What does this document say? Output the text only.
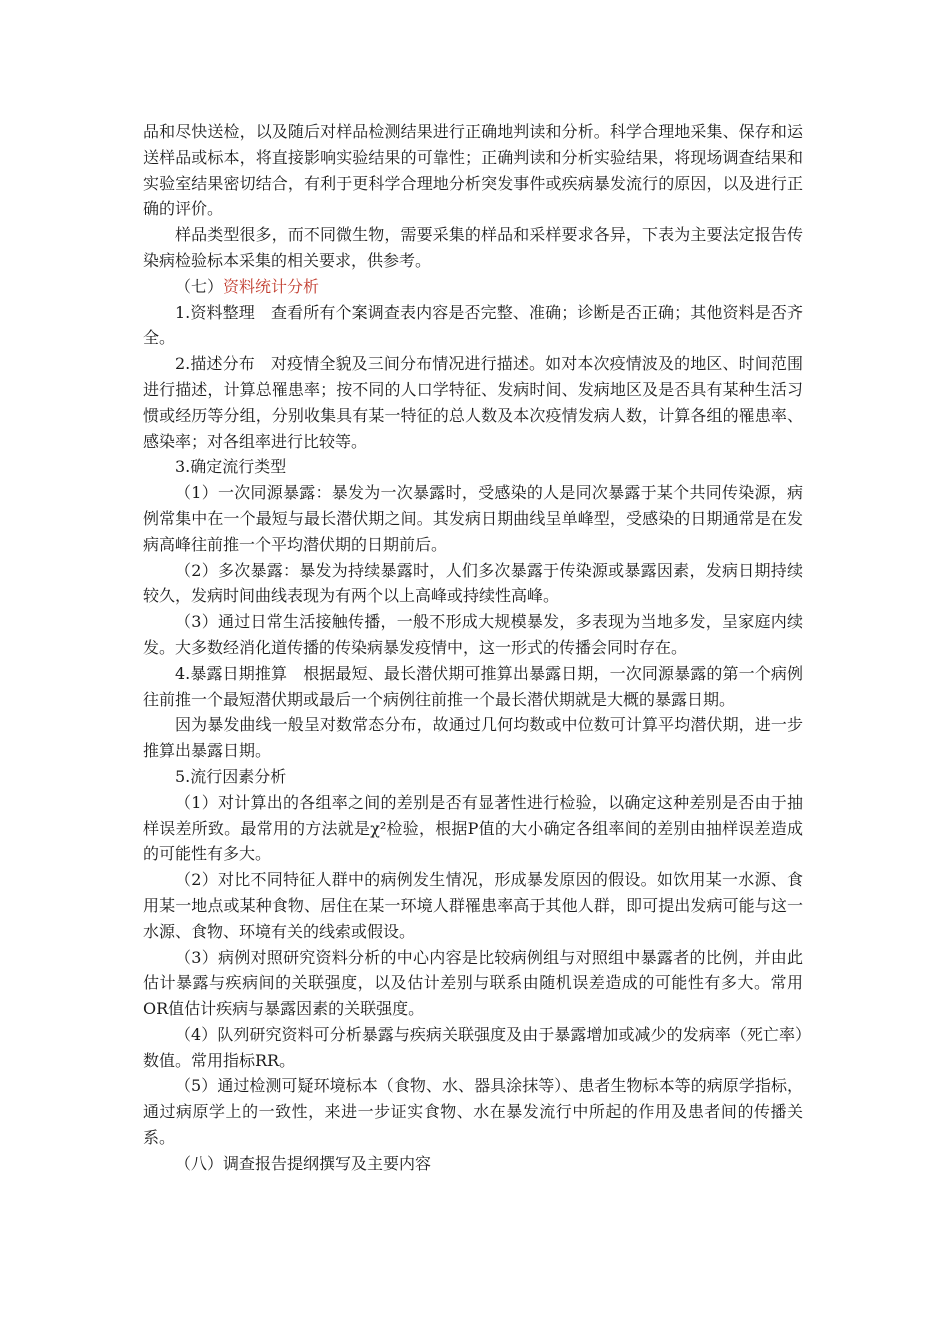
品和尽快送检，以及随后对样品检测结果进行正确地判读和分析。科学合理地采集、保存和运送样品或标本，将直接影响实验结果的可靠性；正确判读和分析实验结果，将现场调查结果和实验室结果密切结合，有利于更科学合理地分析突发事件或疾病暴发流行的原因，以及进行正确的评价。

样品类型很多，而不同微生物，需要采集的样品和采样要求各异，下表为主要法定报告传染病检验标本采集的相关要求，供参考。

（七）资料统计分析

1.资料整理　查看所有个案调查表内容是否完整、准确；诊断是否正确；其他资料是否齐全。

2.描述分布　对疫情全貌及三间分布情况进行描述。如对本次疫情波及的地区、时间范围进行描述，计算总罹患率；按不同的人口学特征、发病时间、发病地区及是否具有某种生活习惯或经历等分组，分别收集具有某一特征的总人数及本次疫情发病人数，计算各组的罹患率、感染率；对各组率进行比较等。

3.确定流行类型

（1）一次同源暴露：暴发为一次暴露时，受感染的人是同次暴露于某个共同传染源，病例常集中在一个最短与最长潜伏期之间。其发病日期曲线呈单峰型，受感染的日期通常是在发病高峰往前推一个平均潜伏期的日期前后。

（2）多次暴露：暴发为持续暴露时，人们多次暴露于传染源或暴露因素，发病日期持续较久，发病时间曲线表现为有两个以上高峰或持续性高峰。

（3）通过日常生活接触传播，一般不形成大规模暴发，多表现为当地多发，呈家庭内续发。大多数经消化道传播的传染病暴发疫情中，这一形式的传播会同时存在。

4.暴露日期推算　根据最短、最长潜伏期可推算出暴露日期，一次同源暴露的第一个病例往前推一个最短潜伏期或最后一个病例往前推一个最长潜伏期就是大概的暴露日期。

因为暴发曲线一般呈对数常态分布，故通过几何均数或中位数可计算平均潜伏期，进一步推算出暴露日期。

5.流行因素分析

（1）对计算出的各组率之间的差别是否有显著性进行检验，以确定这种差别是否由于抽样误差所致。最常用的方法就是χ²检验，根据P值的大小确定各组率间的差别由抽样误差造成的可能性有多大。

（2）对比不同特征人群中的病例发生情况，形成暴发原因的假设。如饮用某一水源、食用某一地点或某种食物、居住在某一环境人群罹患率高于其他人群，即可提出发病可能与这一水源、食物、环境有关的线索或假设。

（3）病例对照研究资料分析的中心内容是比较病例组与对照组中暴露者的比例，并由此估计暴露与疾病间的关联强度，以及估计差别与联系由随机误差造成的可能性有多大。常用OR值估计疾病与暴露因素的关联强度。

（4）队列研究资料可分析暴露与疾病关联强度及由于暴露增加或减少的发病率（死亡率）数值。常用指标RR。

（5）通过检测可疑环境标本（食物、水、器具涂抹等）、患者生物标本等的病原学指标，通过病原学上的一致性，来进一步证实食物、水在暴发流行中所起的作用及患者间的传播关系。

（八）调查报告提纲撰写及主要内容
